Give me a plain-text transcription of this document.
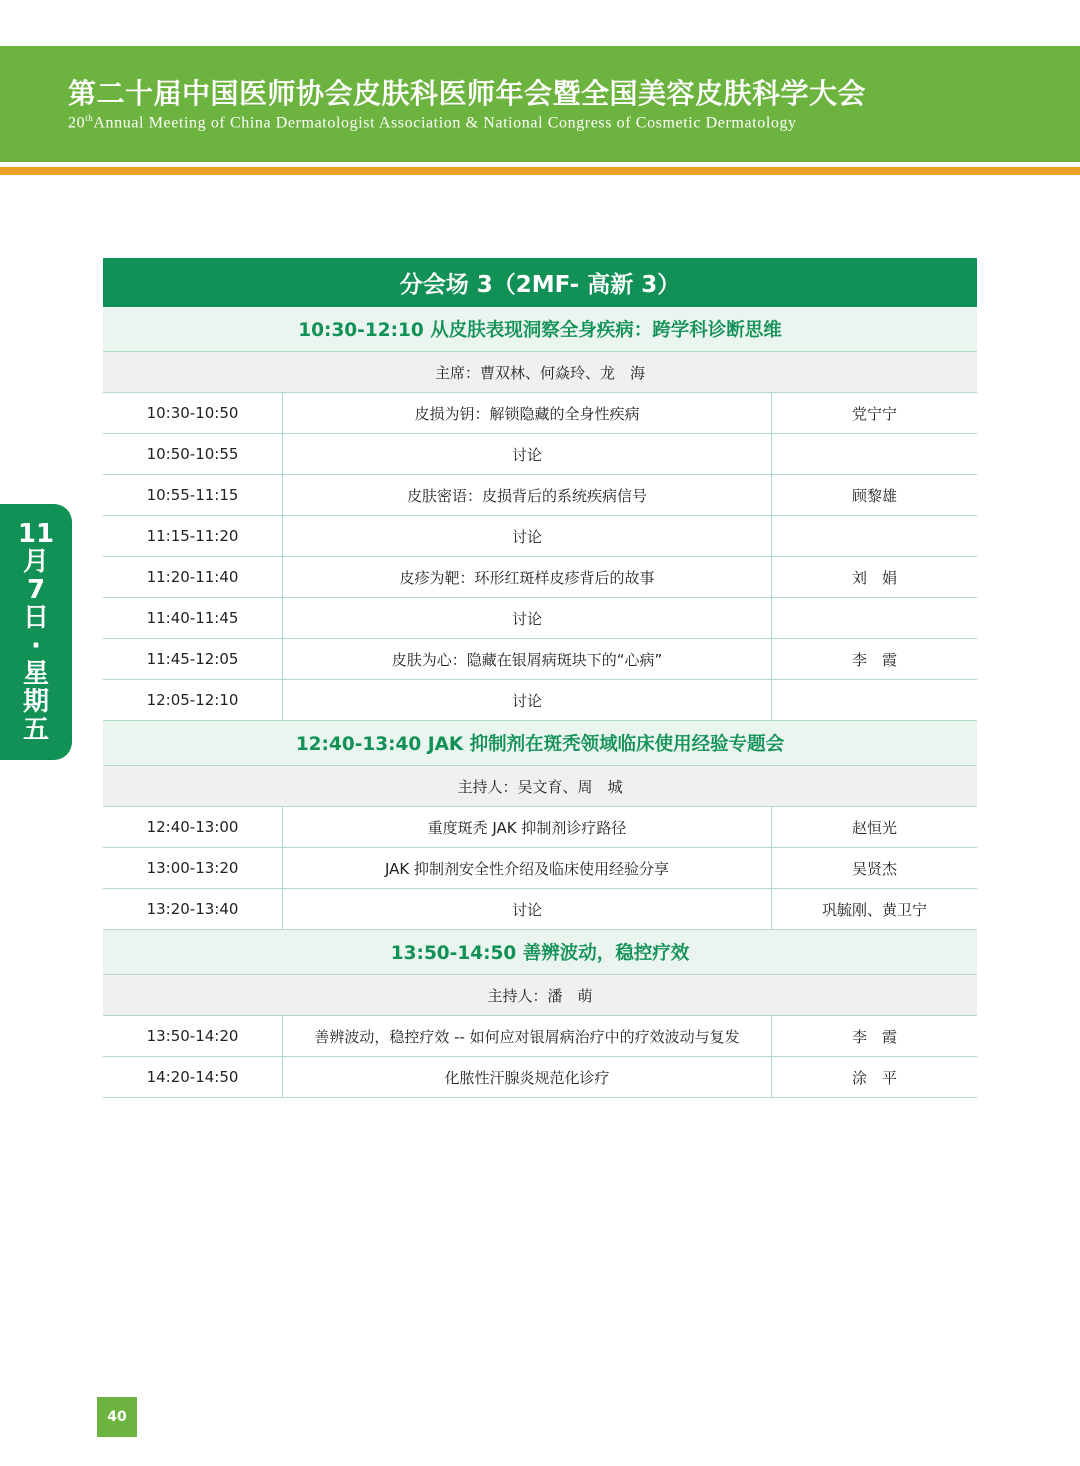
第二十届中国医师协会皮肤科医师年会暨全国美容皮肤科学大会
20thAnnual Meeting of China Dermatologist Association & National Congress of Cosmetic Dermatology
11
月
7
日
·
星
期
五
分会场 3（2MF- 高新 3）
10:30-12:10 从皮肤表现洞察全身疾病：跨学科诊断思维
主席：曹双林、何焱玲、龙　海
10:30-10:50	皮损为钥：解锁隐藏的全身性疾病	党宁宁
10:50-10:55	讨论
10:55-11:15	皮肤密语：皮损背后的系统疾病信号	顾黎雄
11:15-11:20	讨论
11:20-11:40	皮疹为靶：环形红斑样皮疹背后的故事	刘　娟
11:40-11:45	讨论
11:45-12:05	皮肤为心：隐藏在银屑病斑块下的“心病”	李　霞
12:05-12:10	讨论
12:40-13:40 JAK 抑制剂在斑秃领域临床使用经验专题会
主持人：吴文育、周　城
12:40-13:00	重度斑秃 JAK 抑制剂诊疗路径	赵恒光
13:00-13:20	JAK 抑制剂安全性介绍及临床使用经验分享	吴贤杰
13:20-13:40	讨论	巩毓刚、黄卫宁
13:50-14:50 善辨波动，稳控疗效
主持人：潘　萌
13:50-14:20	善辨波动，稳控疗效 -- 如何应对银屑病治疗中的疗效波动与复发	李　霞
14:20-14:50	化脓性汗腺炎规范化诊疗	涂　平
40
